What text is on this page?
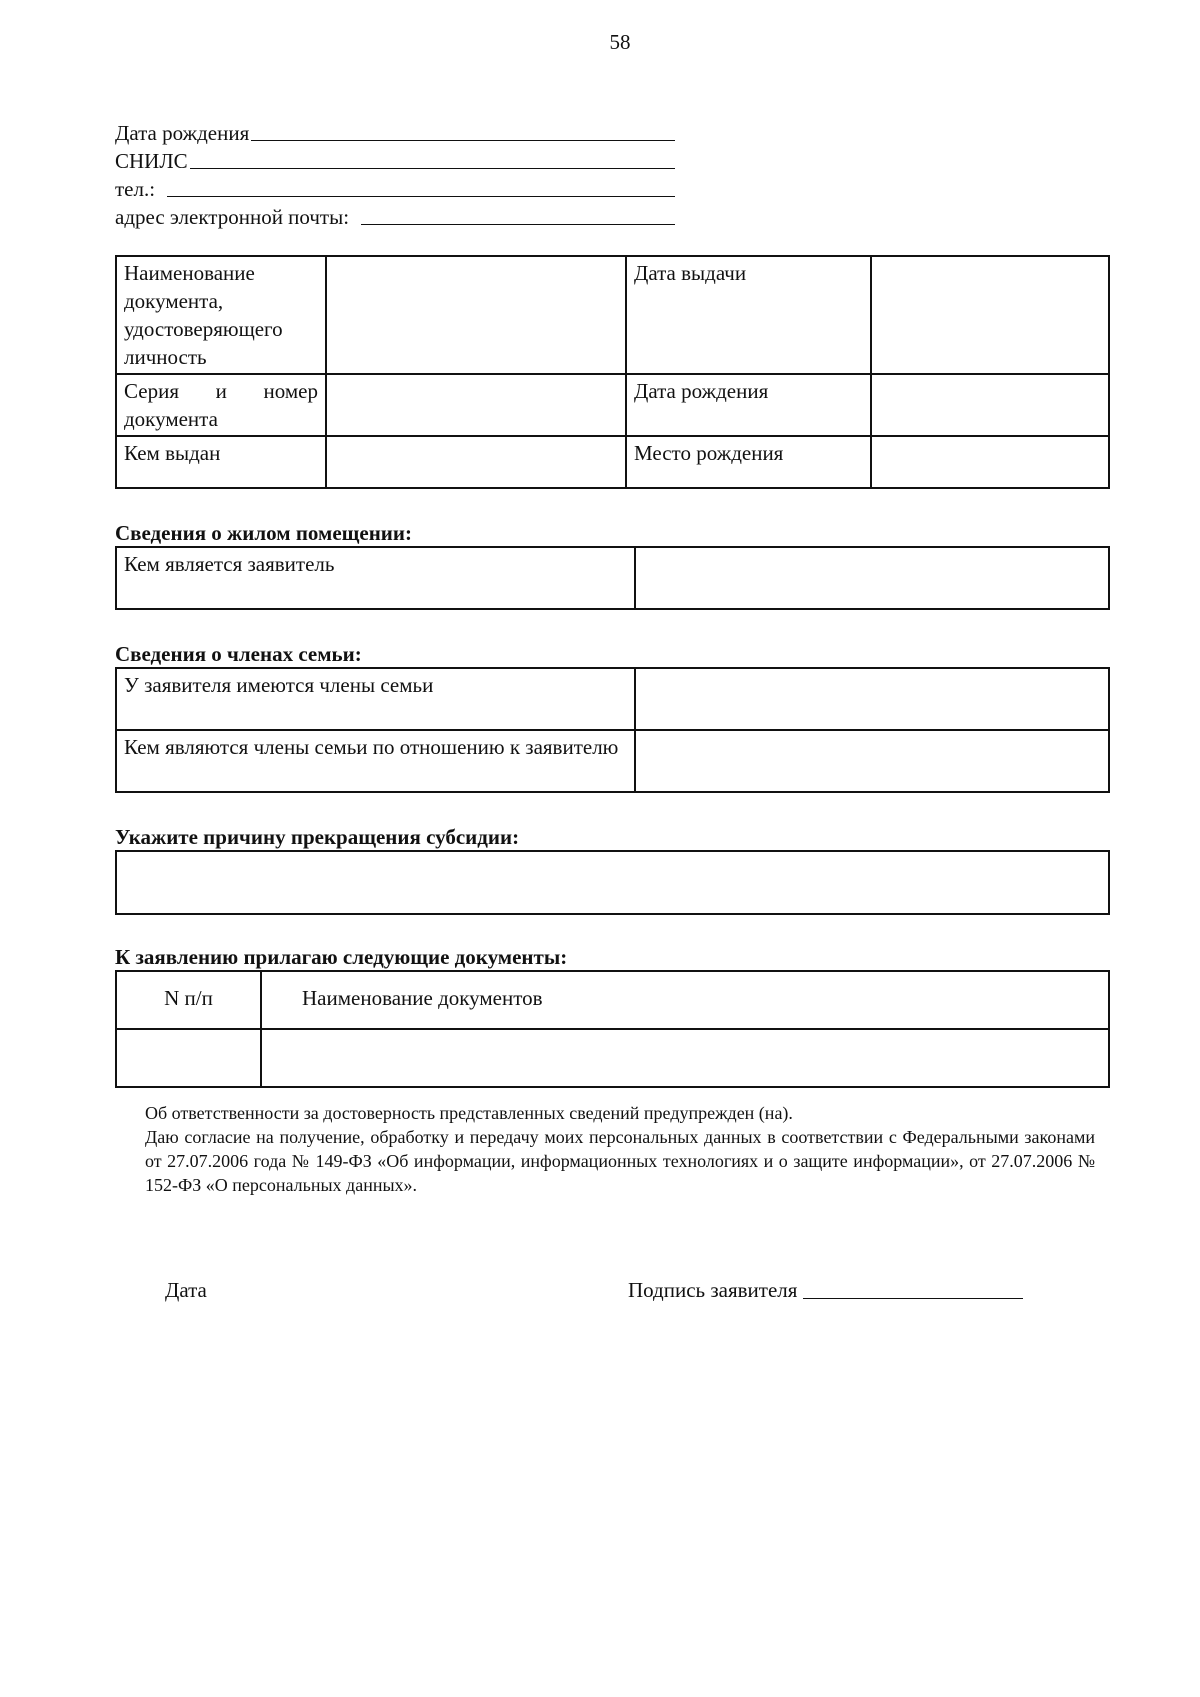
58
Дата рождения
СНИЛС
тел.:
адрес электронной почты:
Наименование документа, удостоверяющего личность		Дата выдачи	
Серия и номер документа		Дата рождения	
Кем выдан		Место рождения	
Сведения о жилом помещении:
Кем является заявитель	
Сведения о членах семьи:
У заявителя имеются члены семьи	
Кем являются члены семьи по отношению к заявителю	
Укажите причину прекращения субсидии:
К заявлению прилагаю следующие документы:
N п/п	Наименование документов

Об ответственности за достоверность представленных сведений предупрежден (на).

Даю согласие на получение, обработку и передачу моих персональных данных в соответствии с Федеральными законами от 27.07.2006 года № 149-ФЗ «Об информации, информационных технологиях и о защите информации», от 27.07.2006 № 152-ФЗ «О персональных данных».

Дата	Подпись заявителя
